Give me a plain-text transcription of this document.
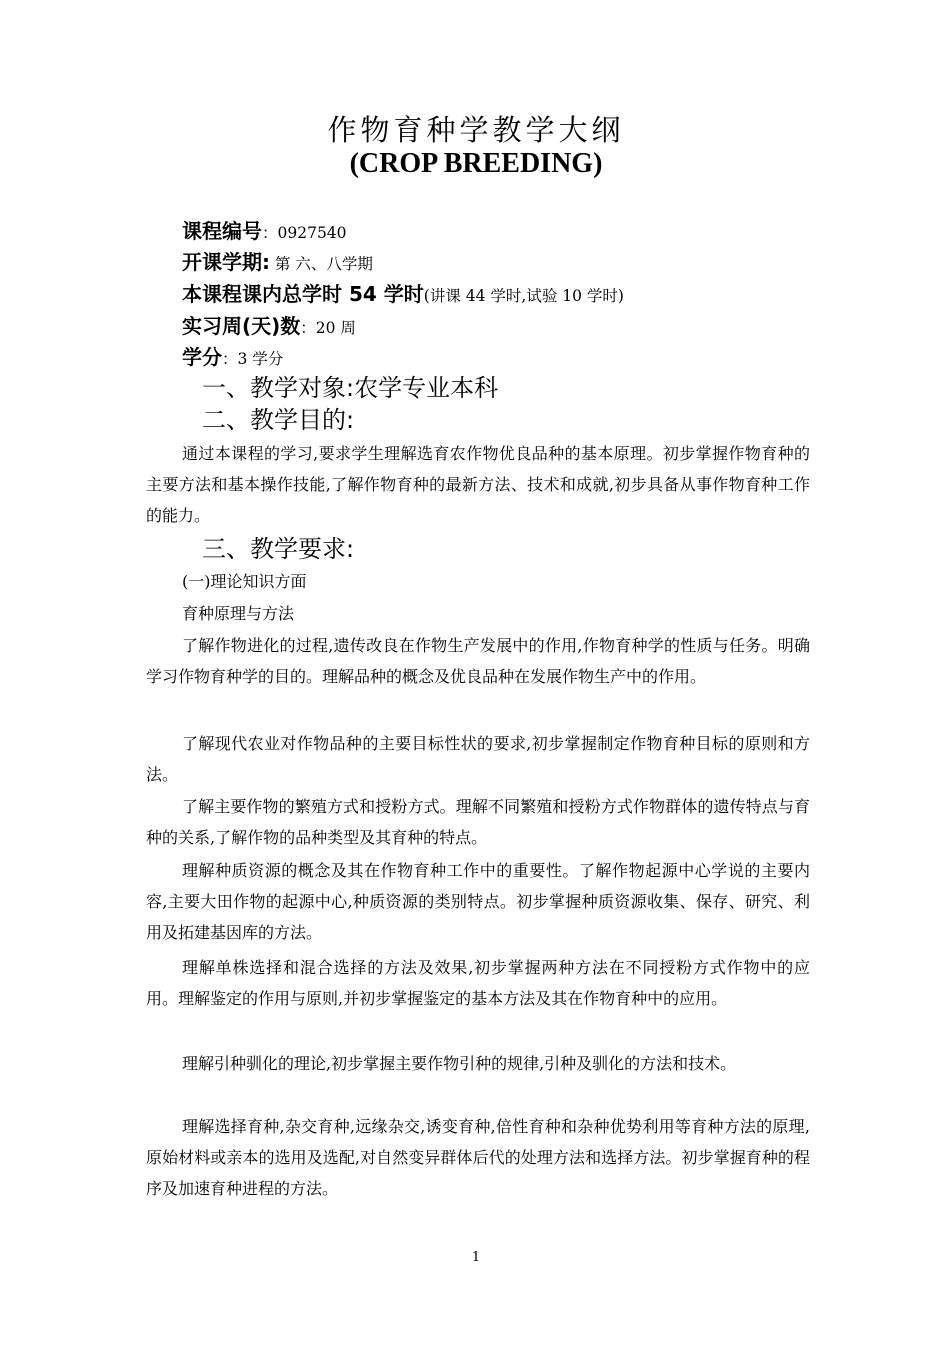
作物育种学教学大纲
(CROP BREEDING)
课程编号：0927540
开课学期: 第 六、八学期
本课程课内总学时 54 学时(讲课 44 学时,试验 10 学时)
实习周(天)数：20 周
学分：3 学分
一、教学对象:农学专业本科
二、教学目的:
通过本课程的学习,要求学生理解选育农作物优良品种的基本原理。初步掌握作物育种的主要方法和基本操作技能,了解作物育种的最新方法、技术和成就,初步具备从事作物育种工作的能力。
三、教学要求:
(一)理论知识方面
育种原理与方法
了解作物进化的过程,遗传改良在作物生产发展中的作用,作物育种学的性质与任务。明确学习作物育种学的目的。理解品种的概念及优良品种在发展作物生产中的作用。
了解现代农业对作物品种的主要目标性状的要求,初步掌握制定作物育种目标的原则和方法。
了解主要作物的繁殖方式和授粉方式。理解不同繁殖和授粉方式作物群体的遗传特点与育种的关系,了解作物的品种类型及其育种的特点。
理解种质资源的概念及其在作物育种工作中的重要性。了解作物起源中心学说的主要内容,主要大田作物的起源中心,种质资源的类别特点。初步掌握种质资源收集、保存、研究、利用及拓建基因库的方法。
理解单株选择和混合选择的方法及效果,初步掌握两种方法在不同授粉方式作物中的应用。理解鉴定的作用与原则,并初步掌握鉴定的基本方法及其在作物育种中的应用。
理解引种驯化的理论,初步掌握主要作物引种的规律,引种及驯化的方法和技术。
理解选择育种,杂交育种,远缘杂交,诱变育种,倍性育种和杂种优势利用等育种方法的原理,原始材料或亲本的选用及选配,对自然变异群体后代的处理方法和选择方法。初步掌握育种的程序及加速育种进程的方法。
1
